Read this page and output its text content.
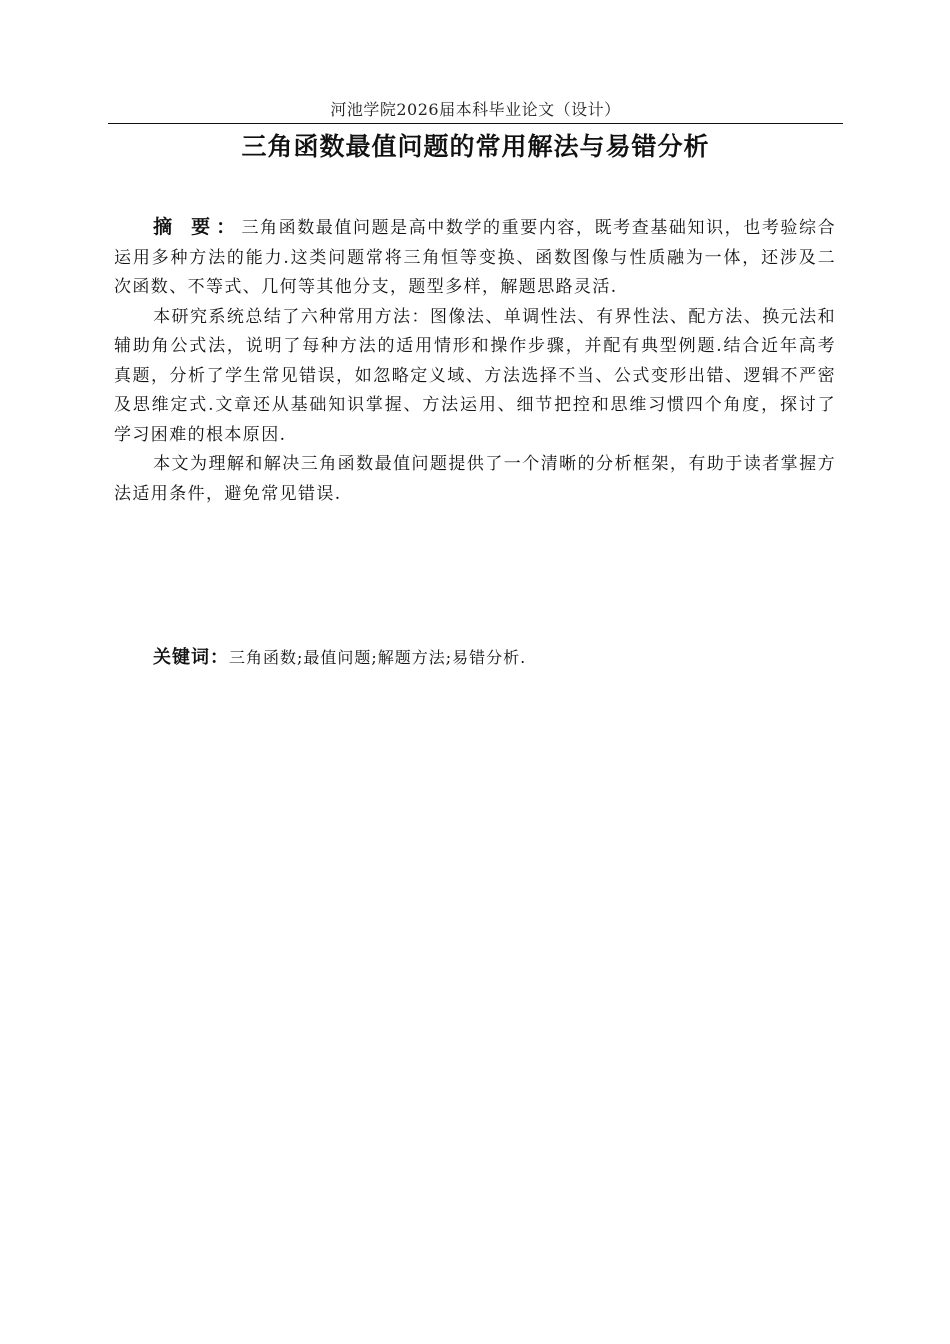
河池学院2026届本科毕业论文（设计）
三角函数最值问题的常用解法与易错分析

摘 要：三角函数最值问题是高中数学的重要内容，既考查基础知识，也考验综合运用多种方法的能力.这类问题常将三角恒等变换、函数图像与性质融为一体，还涉及二次函数、不等式、几何等其他分支，题型多样，解题思路灵活.

本研究系统总结了六种常用方法：图像法、单调性法、有界性法、配方法、换元法和辅助角公式法，说明了每种方法的适用情形和操作步骤，并配有典型例题.结合近年高考真题，分析了学生常见错误，如忽略定义域、方法选择不当、公式变形出错、逻辑不严密及思维定式.文章还从基础知识掌握、方法运用、细节把控和思维习惯四个角度，探讨了学习困难的根本原因.

本文为理解和解决三角函数最值问题提供了一个清晰的分析框架，有助于读者掌握方法适用条件，避免常见错误.

关键词：三角函数;最值问题;解题方法;易错分析.
